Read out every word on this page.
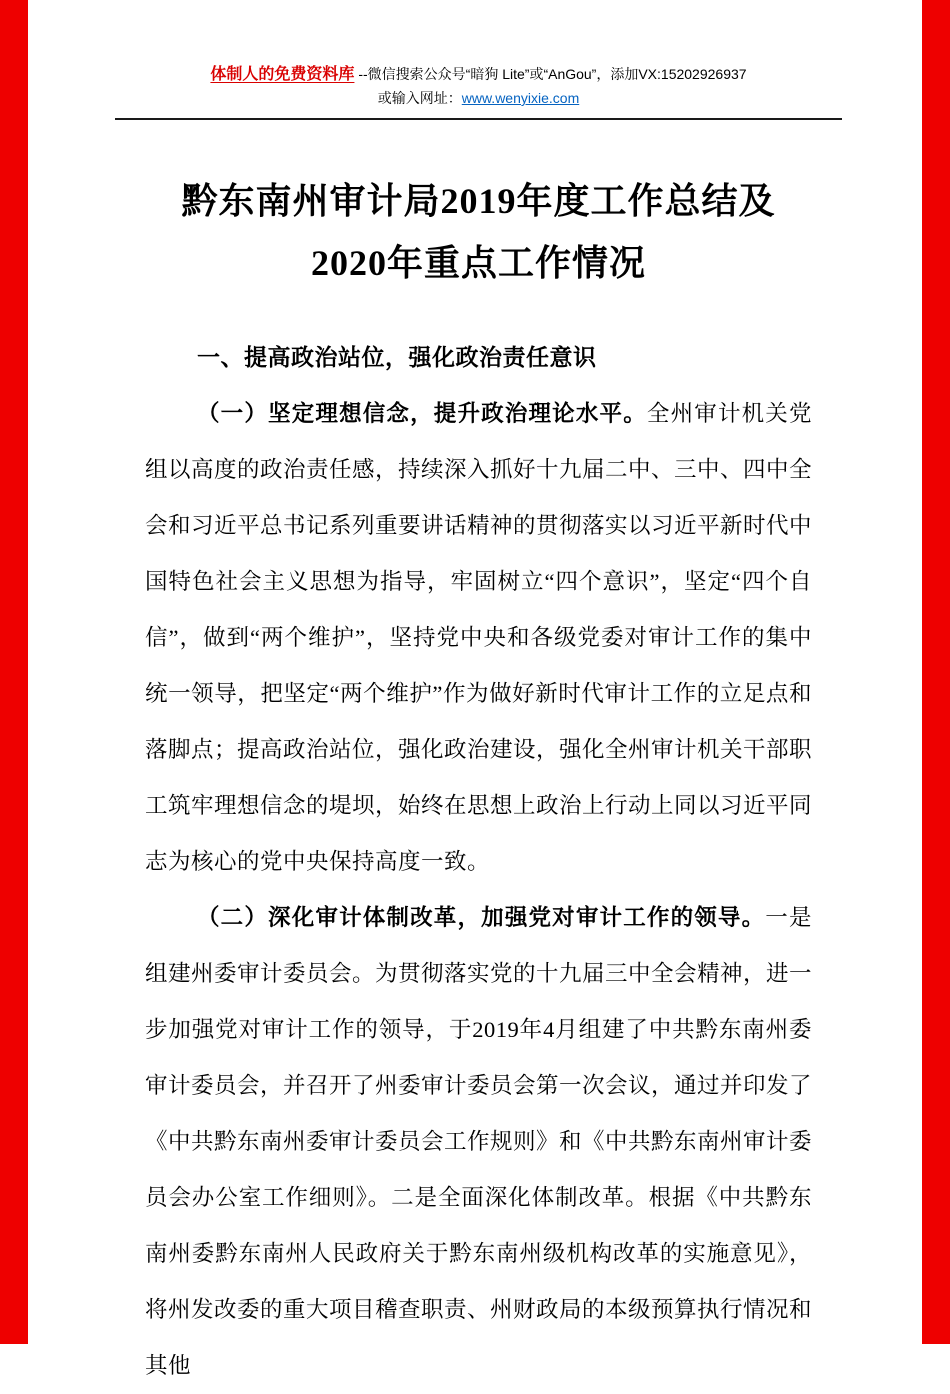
体制人的免费资料库 --微信搜索公众号“暗狗 Lite”或“AnGou”，添加VX:15202926937
或输入网址：www.wenyixie.com
黔东南州审计局2019年度工作总结及2020年重点工作情况
一、提高政治站位，强化政治责任意识

（一）坚定理想信念，提升政治理论水平。全州审计机关党组以高度的政治责任感，持续深入抓好十九届二中、三中、四中全会和习近平总书记系列重要讲话精神的贯彻落实以习近平新时代中国特色社会主义思想为指导，牢固树立“四个意识”，坚定“四个自信”，做到“两个维护”，坚持党中央和各级党委对审计工作的集中统一领导，把坚定“两个维护”作为做好新时代审计工作的立足点和落脚点；提高政治站位，强化政治建设，强化全州审计机关干部职工筑牢理想信念的堤坝，始终在思想上政治上行动上同以习近平同志为核心的党中央保持高度一致。

（二）深化审计体制改革，加强党对审计工作的领导。一是组建州委审计委员会。为贯彻落实党的十九届三中全会精神，进一步加强党对审计工作的领导，于2019年4月组建了中共黔东南州委审计委员会，并召开了州委审计委员会第一次会议，通过并印发了《中共黔东南州委审计委员会工作规则》和《中共黔东南州审计委员会办公室工作细则》。二是全面深化体制改革。根据《中共黔东南州委黔东南州人民政府关于黔东南州级机构改革的实施意见》，将州发改委的重大项目稽查职责、州财政局的本级预算执行情况和其他
